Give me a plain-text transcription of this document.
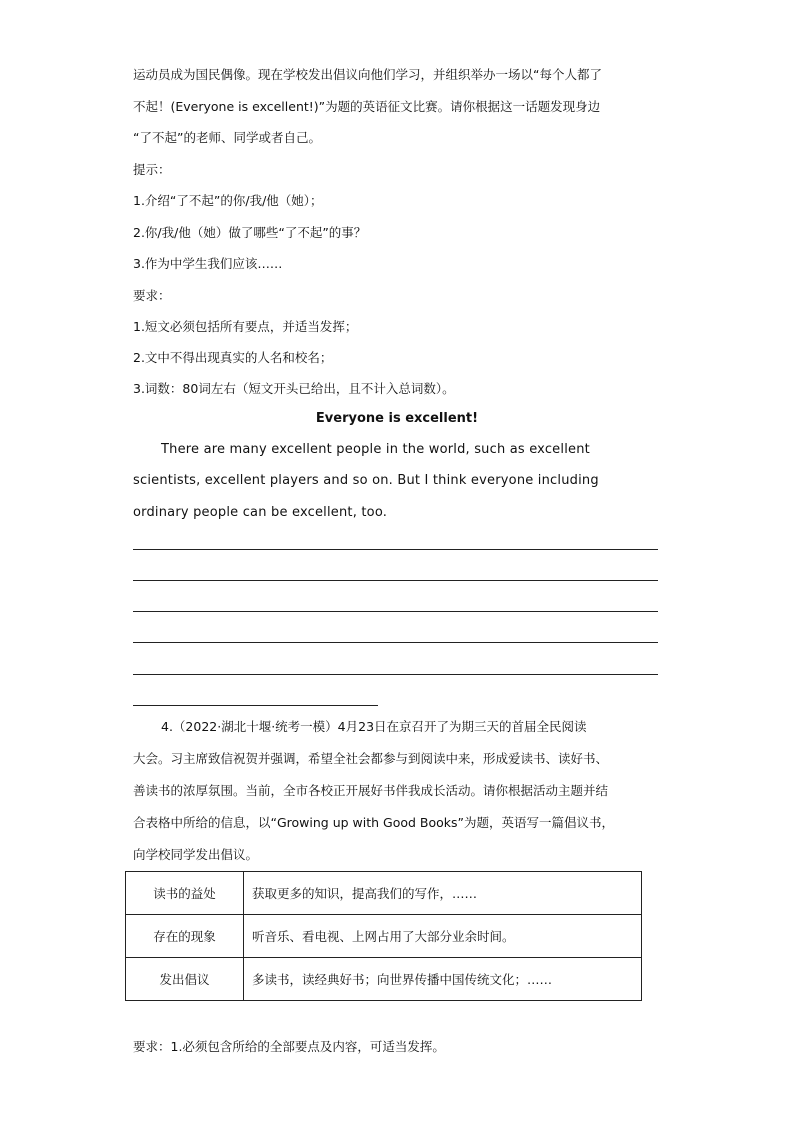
运动员成为国民偶像。现在学校发出倡议向他们学习，并组织举办一场以“每个人都了
不起！(Everyone is excellent!)”为题的英语征文比赛。请你根据这一话题发现身边
“了不起”的老师、同学或者自己。
提示：
1.介绍“了不起”的你/我/他（她）；
2.你/我/他（她）做了哪些“了不起”的事？
3.作为中学生我们应该……
要求：
1.短文必须包括所有要点，并适当发挥；
2.文中不得出现真实的人名和校名；
3.词数：80词左右（短文开头已给出，且不计入总词数）。
Everyone is excellent!
There are many excellent people in the world, such as excellent
scientists, excellent players and so on. But I think everyone including
ordinary people can be excellent, too.
4.（2022·湖北十堰·统考一模）4月23日在京召开了为期三天的首届全民阅读
大会。习主席致信祝贺并强调，希望全社会都参与到阅读中来，形成爱读书、读好书、
善读书的浓厚氛围。当前，全市各校正开展好书伴我成长活动。请你根据活动主题并结
合表格中所给的信息，以“Growing up with Good Books”为题，英语写一篇倡议书，
向学校同学发出倡议。
读书的益处	获取更多的知识，提高我们的写作，……
存在的现象	听音乐、看电视、上网占用了大部分业余时间。
发出倡议	多读书，读经典好书；向世界传播中国传统文化；……
要求：1.必须包含所给的全部要点及内容，可适当发挥。
